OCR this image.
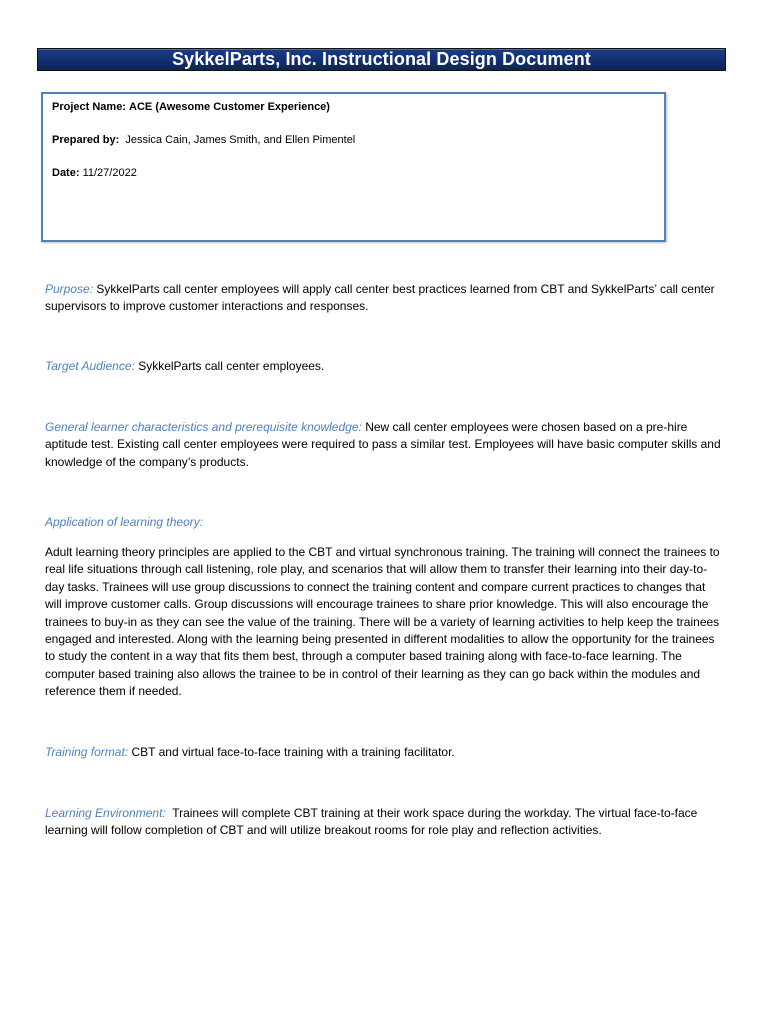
SykkelParts, Inc. Instructional Design Document
Project Name: ACE (Awesome Customer Experience)
Prepared by: Jessica Cain, James Smith, and Ellen Pimentel
Date: 11/27/2022
Purpose: SykkelParts call center employees will apply call center best practices learned from CBT and SykkelParts’ call center supervisors to improve customer interactions and responses.
Target Audience: SykkelParts call center employees.
General learner characteristics and prerequisite knowledge: New call center employees were chosen based on a pre-hire aptitude test. Existing call center employees were required to pass a similar test. Employees will have basic computer skills and knowledge of the company’s products.
Application of learning theory:
Adult learning theory principles are applied to the CBT and virtual synchronous training. The training will connect the trainees to real life situations through call listening, role play, and scenarios that will allow them to transfer their learning into their day-to-day tasks. Trainees will use group discussions to connect the training content and compare current practices to changes that will improve customer calls. Group discussions will encourage trainees to share prior knowledge. This will also encourage the trainees to buy-in as they can see the value of the training. There will be a variety of learning activities to help keep the trainees engaged and interested. Along with the learning being presented in different modalities to allow the opportunity for the trainees to study the content in a way that fits them best, through a computer based training along with face-to-face learning. The computer based training also allows the trainee to be in control of their learning as they can go back within the modules and reference them if needed.
Training format: CBT and virtual face-to-face training with a training facilitator.
Learning Environment: Trainees will complete CBT training at their work space during the workday. The virtual face-to-face learning will follow completion of CBT and will utilize breakout rooms for role play and reflection activities.
